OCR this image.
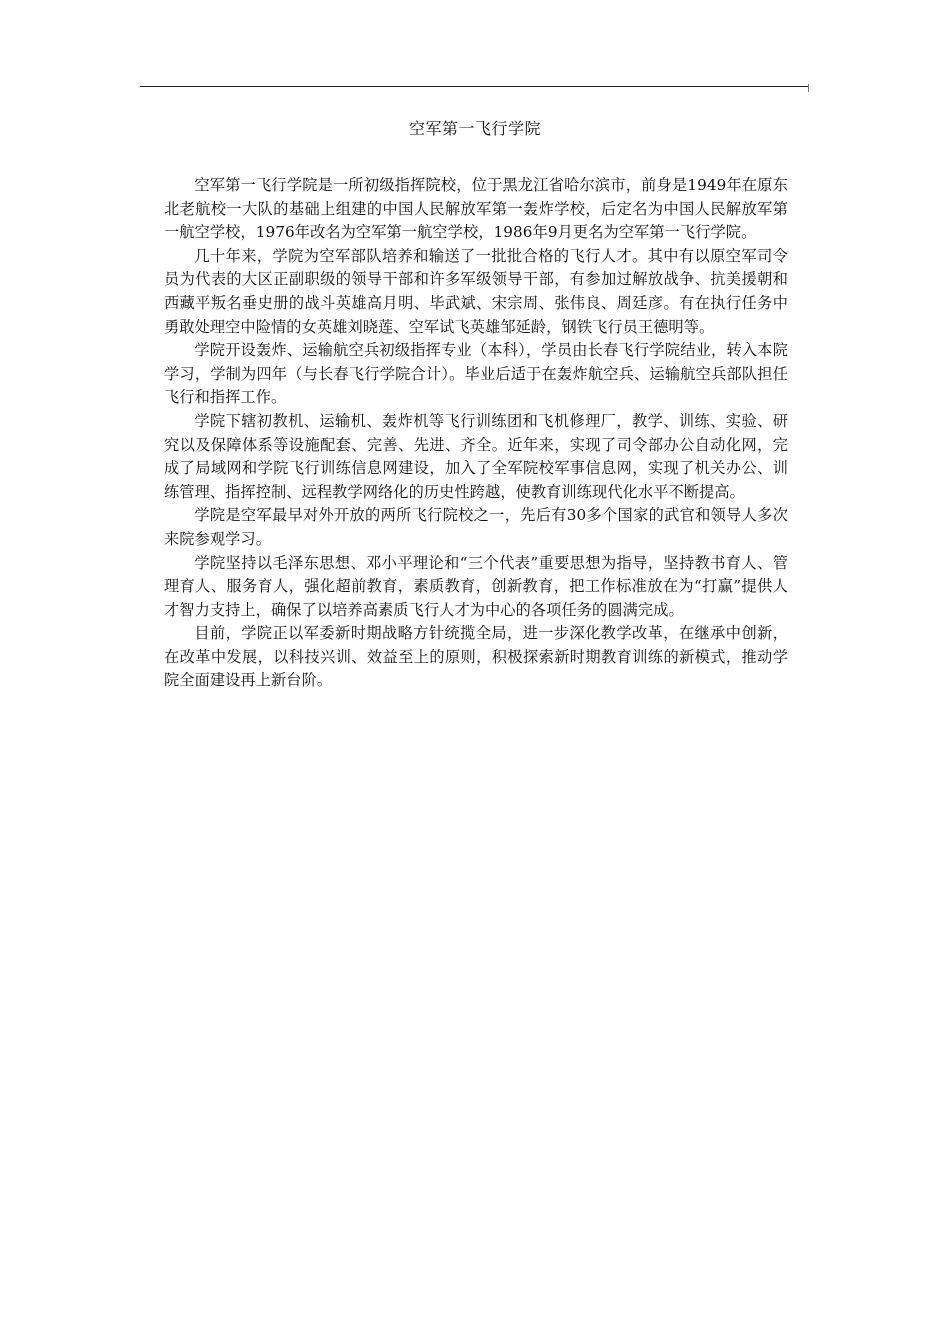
空军第一飞行学院

空军第一飞行学院是一所初级指挥院校，位于黑龙江省哈尔滨市，前身是1949年在原东北老航校一大队的基础上组建的中国人民解放军第一轰炸学校，后定名为中国人民解放军第一航空学校，1976年改名为空军第一航空学校，1986年9月更名为空军第一飞行学院。

几十年来，学院为空军部队培养和输送了一批批合格的飞行人才。其中有以原空军司令员为代表的大区正副职级的领导干部和许多军级领导干部，有参加过解放战争、抗美援朝和西藏平叛名垂史册的战斗英雄高月明、毕武斌、宋宗周、张伟良、周廷彦。有在执行任务中勇敢处理空中险情的女英雄刘晓莲、空军试飞英雄邹延龄，钢铁飞行员王德明等。

学院开设轰炸、运输航空兵初级指挥专业（本科），学员由长春飞行学院结业，转入本院学习，学制为四年（与长春飞行学院合计）。毕业后适于在轰炸航空兵、运输航空兵部队担任飞行和指挥工作。

学院下辖初教机、运输机、轰炸机等飞行训练团和飞机修理厂，教学、训练、实验、研究以及保障体系等设施配套、完善、先进、齐全。近年来，实现了司令部办公自动化网，完成了局域网和学院飞行训练信息网建设，加入了全军院校军事信息网，实现了机关办公、训练管理、指挥控制、远程教学网络化的历史性跨越，使教育训练现代化水平不断提高。

学院是空军最早对外开放的两所飞行院校之一，先后有30多个国家的武官和领导人多次来院参观学习。

学院坚持以毛泽东思想、邓小平理论和“三个代表”重要思想为指导，坚持教书育人、管理育人、服务育人，强化超前教育，素质教育，创新教育，把工作标准放在为“打赢”提供人才智力支持上，确保了以培养高素质飞行人才为中心的各项任务的圆满完成。

目前，学院正以军委新时期战略方针统揽全局，进一步深化教学改革，在继承中创新，在改革中发展，以科技兴训、效益至上的原则，积极探索新时期教育训练的新模式，推动学院全面建设再上新台阶。
